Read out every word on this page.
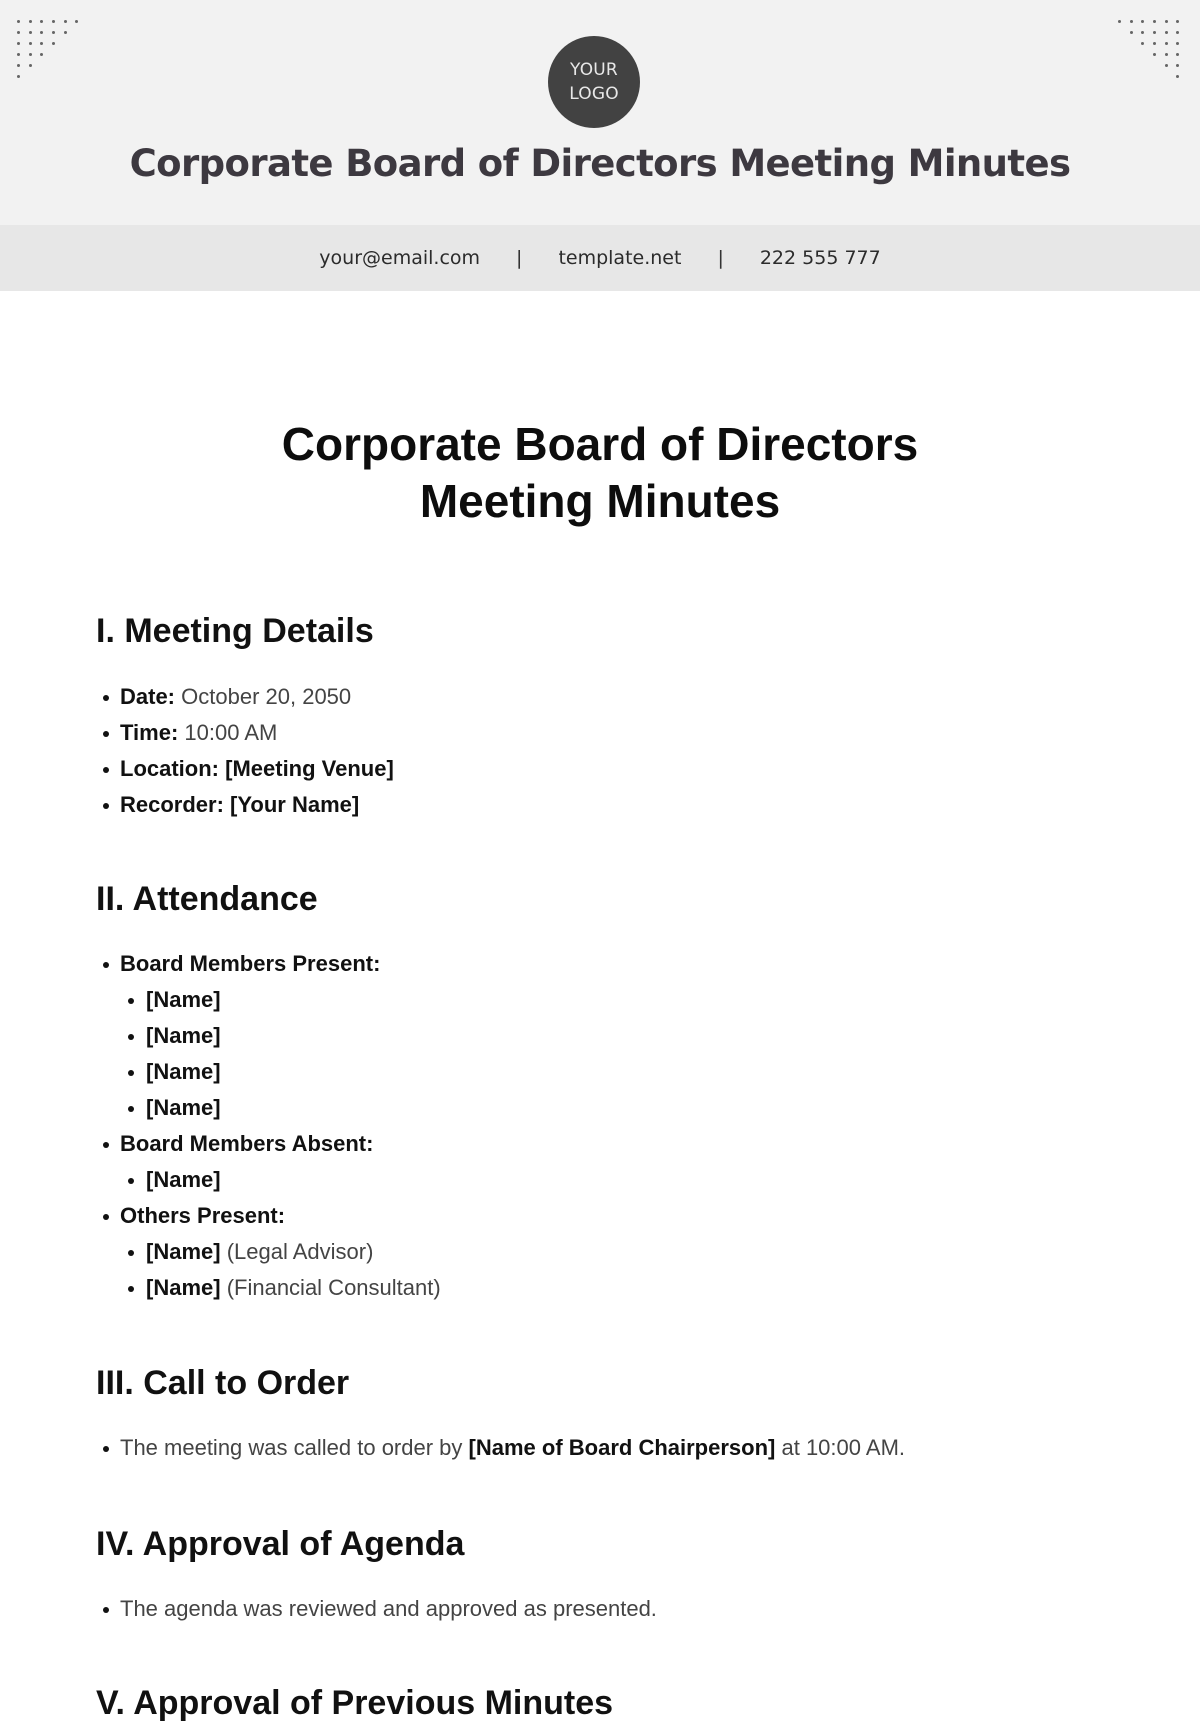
YOUR
LOGO
Corporate Board of Directors Meeting Minutes
your@email.com | template.net | 222 555 777
Corporate Board of Directors
Meeting Minutes
I. Meeting Details
Date: October 20, 2050
Time: 10:00 AM
Location: [Meeting Venue]
Recorder: [Your Name]
II. Attendance
Board Members Present:
[Name]
[Name]
[Name]
[Name]
Board Members Absent:
[Name]
Others Present:
[Name] (Legal Advisor)
[Name] (Financial Consultant)
III. Call to Order
The meeting was called to order by [Name of Board Chairperson] at 10:00 AM.
IV. Approval of Agenda
The agenda was reviewed and approved as presented.
V. Approval of Previous Minutes
